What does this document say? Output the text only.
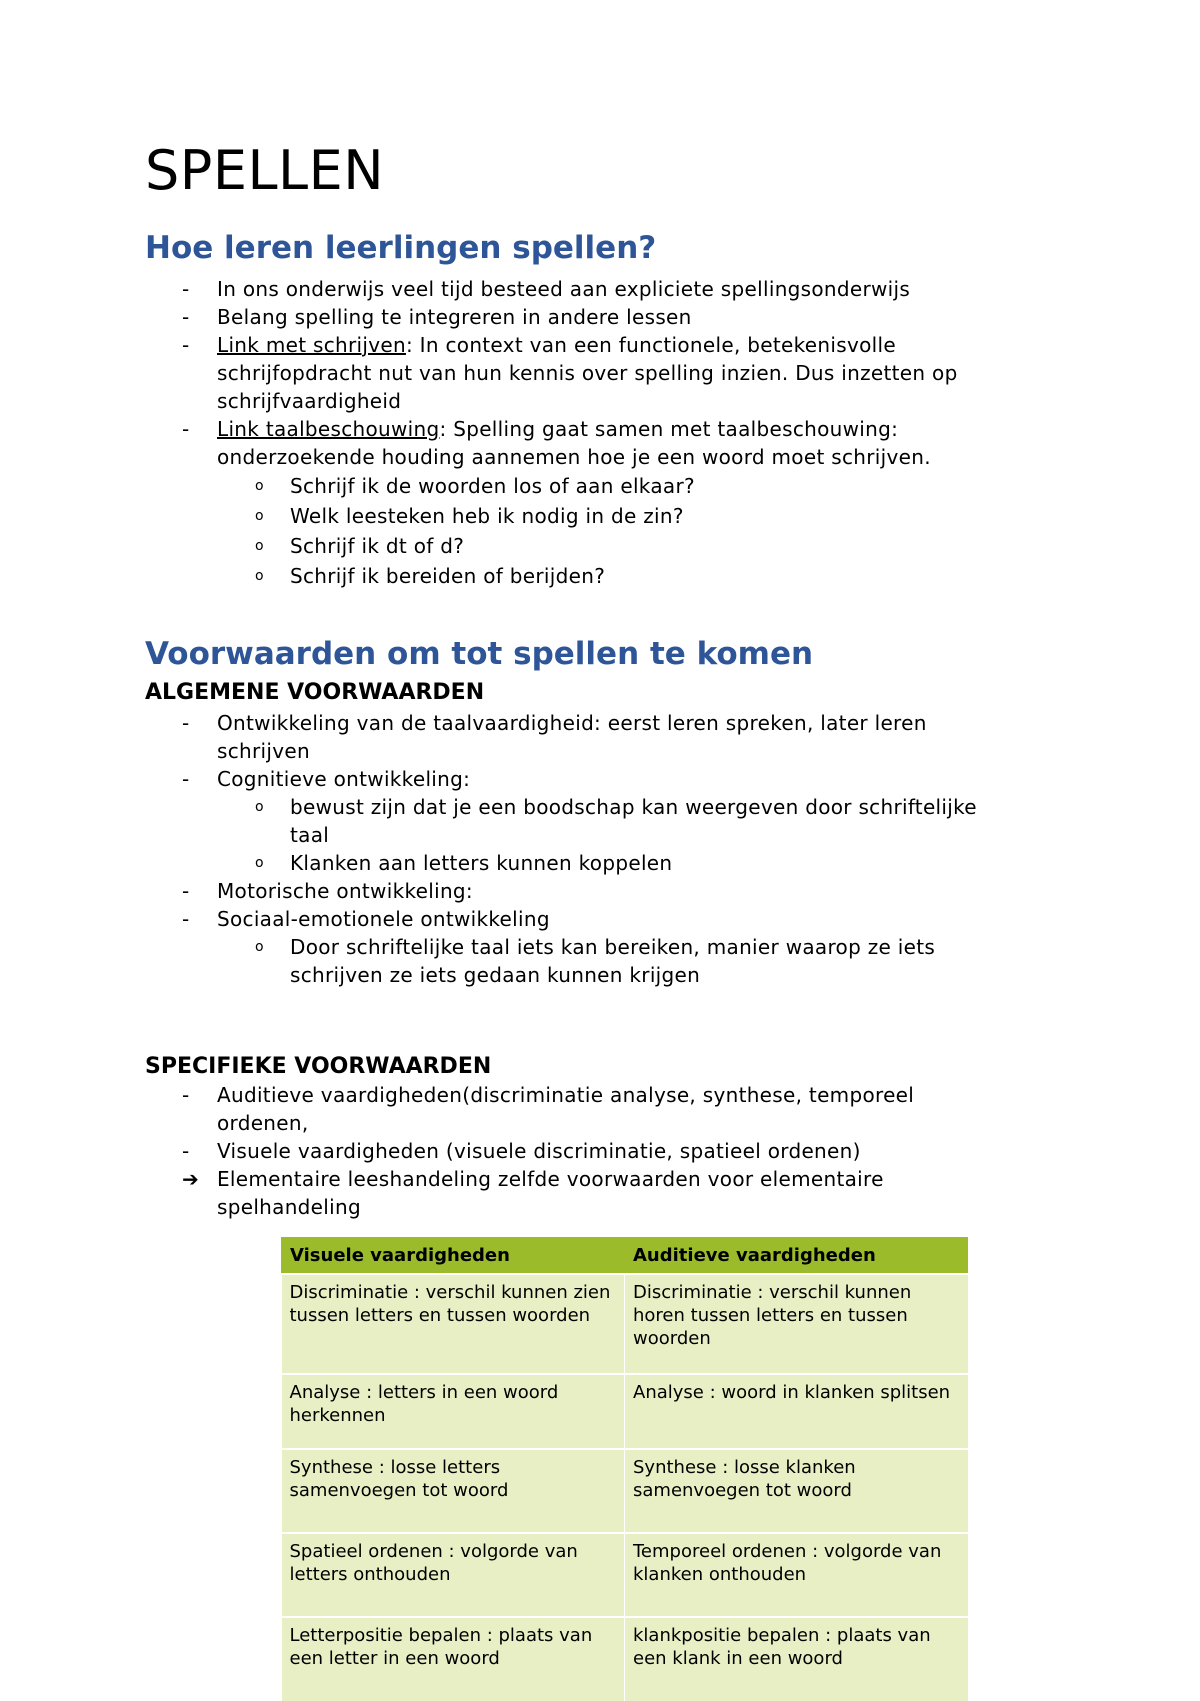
SPELLEN
Hoe leren leerlingen spellen?
- In ons onderwijs veel tijd besteed aan expliciete spellingsonderwijs
- Belang spelling te integreren in andere lessen
- Link met schrijven: In context van een functionele, betekenisvolle
schrijfopdracht nut van hun kennis over spelling inzien. Dus inzetten op
schrijfvaardigheid
- Link taalbeschouwing: Spelling gaat samen met taalbeschouwing:
onderzoekende houding aannemen hoe je een woord moet schrijven.
o Schrijf ik de woorden los of aan elkaar?
o Welk leesteken heb ik nodig in de zin?
o Schrijf ik dt of d?
o Schrijf ik bereiden of berijden?
Voorwaarden om tot spellen te komen
ALGEMENE VOORWAARDEN
- Ontwikkeling van de taalvaardigheid: eerst leren spreken, later leren
schrijven
- Cognitieve ontwikkeling:
o bewust zijn dat je een boodschap kan weergeven door schriftelijke
taal
o Klanken aan letters kunnen koppelen
- Motorische ontwikkeling:
- Sociaal-emotionele ontwikkeling
o Door schriftelijke taal iets kan bereiken, manier waarop ze iets
schrijven ze iets gedaan kunnen krijgen
SPECIFIEKE VOORWAARDEN
- Auditieve vaardigheden(discriminatie analyse, synthese, temporeel
ordenen,
- Visuele vaardigheden (visuele discriminatie, spatieel ordenen)
➔ Elementaire leeshandeling zelfde voorwaarden voor elementaire
spelhandeling
Visuele vaardigheden	Auditieve vaardigheden
Discriminatie : verschil kunnen zien tussen letters en tussen woorden	Discriminatie : verschil kunnen horen tussen letters en tussen woorden
Analyse : letters in een woord herkennen	Analyse : woord in klanken splitsen
Synthese : losse letters samenvoegen tot woord	Synthese : losse klanken samenvoegen tot woord
Spatieel ordenen : volgorde van letters onthouden	Temporeel ordenen : volgorde van klanken onthouden
Letterpositie bepalen : plaats van een letter in een woord	klankpositie bepalen : plaats van een klank in een woord
